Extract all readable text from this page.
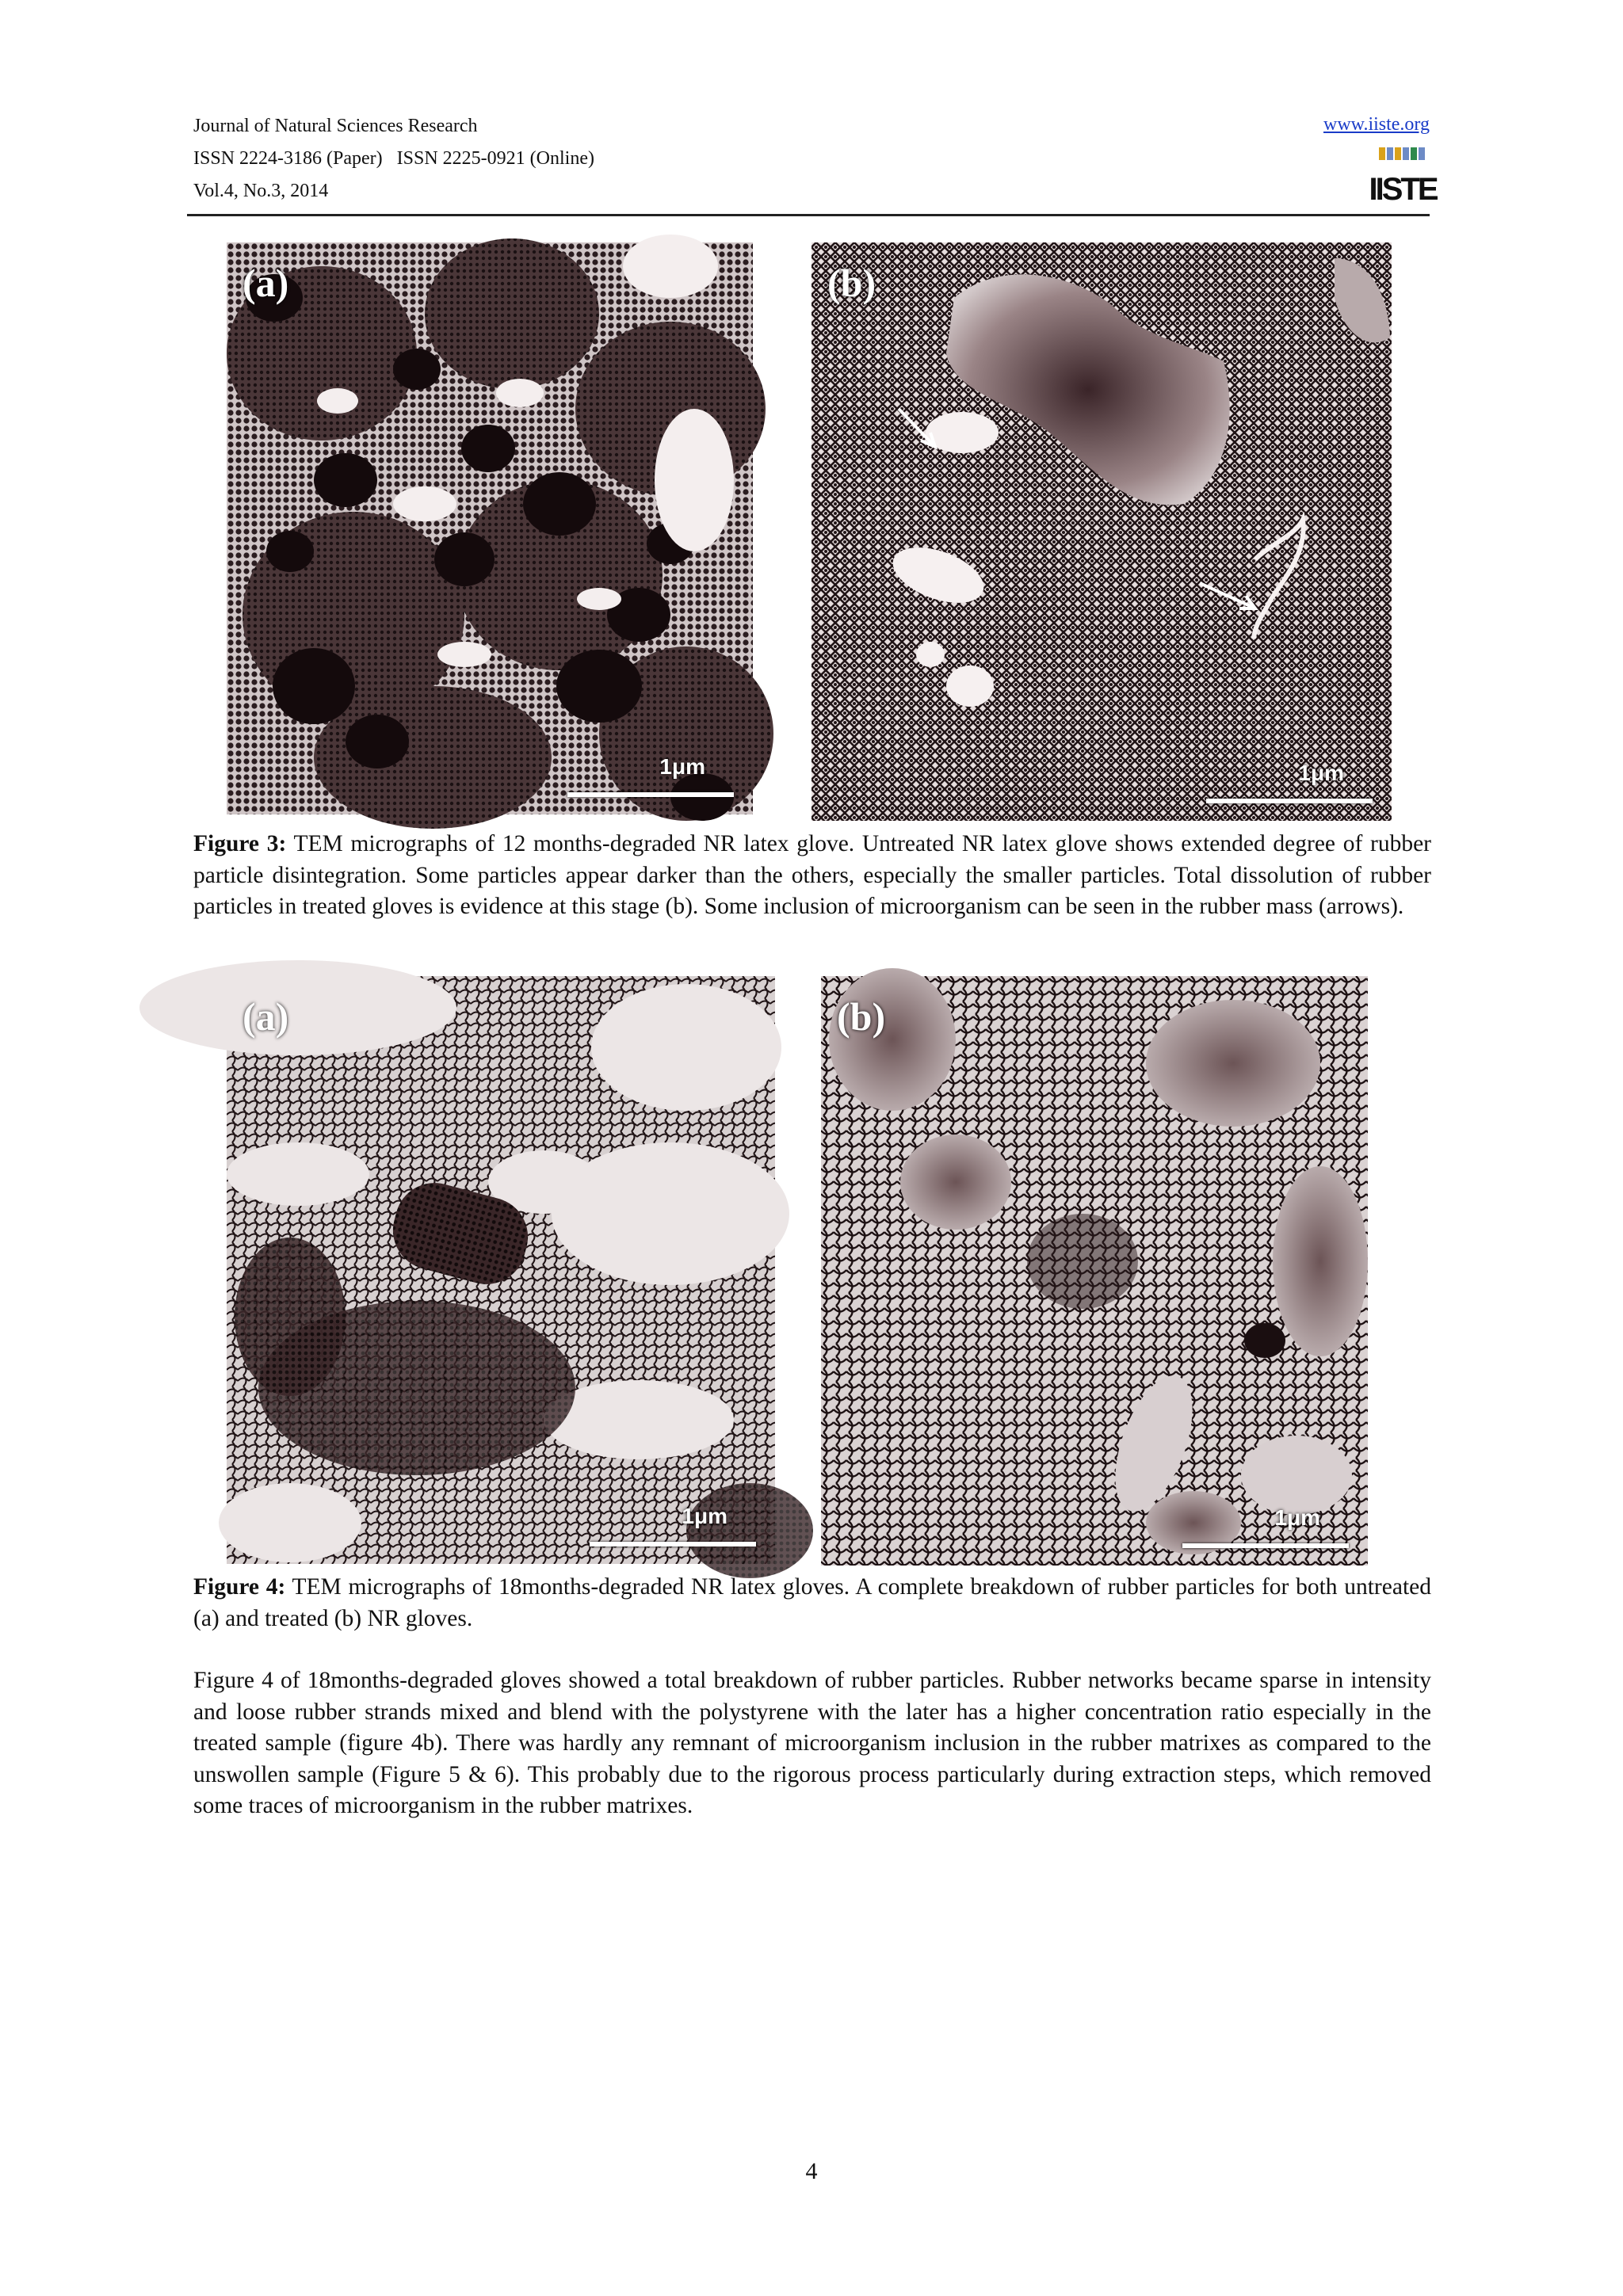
Journal of Natural Sciences Research
ISSN 2224-3186 (Paper)   ISSN 2225-0921 (Online)
Vol.4, No.3, 2014
www.iiste.org
IISTE
(a)
1μm
(b)
1μm
Figure 3: TEM micrographs of 12 months-degraded NR latex glove. Untreated NR latex glove shows extended degree of rubber particle disintegration. Some particles appear darker than the others, especially the smaller particles. Total dissolution of rubber particles in treated gloves is evidence at this stage (b). Some inclusion of microorganism can be seen in the rubber mass (arrows).
(a)
1μm
(b)
1μm
Figure 4: TEM micrographs of 18months-degraded NR latex gloves. A complete breakdown of rubber particles for both untreated (a) and treated (b) NR gloves.
Figure 4 of 18months-degraded gloves showed a total breakdown of rubber particles. Rubber networks became sparse in intensity and loose rubber strands mixed and blend with the polystyrene with the later has a higher concentration ratio especially in the treated sample (figure 4b). There was hardly any remnant of microorganism inclusion in the rubber matrixes as compared to the unswollen sample (Figure 5 & 6). This probably due to the rigorous process particularly during extraction steps, which removed some traces of microorganism in the rubber matrixes.
4
